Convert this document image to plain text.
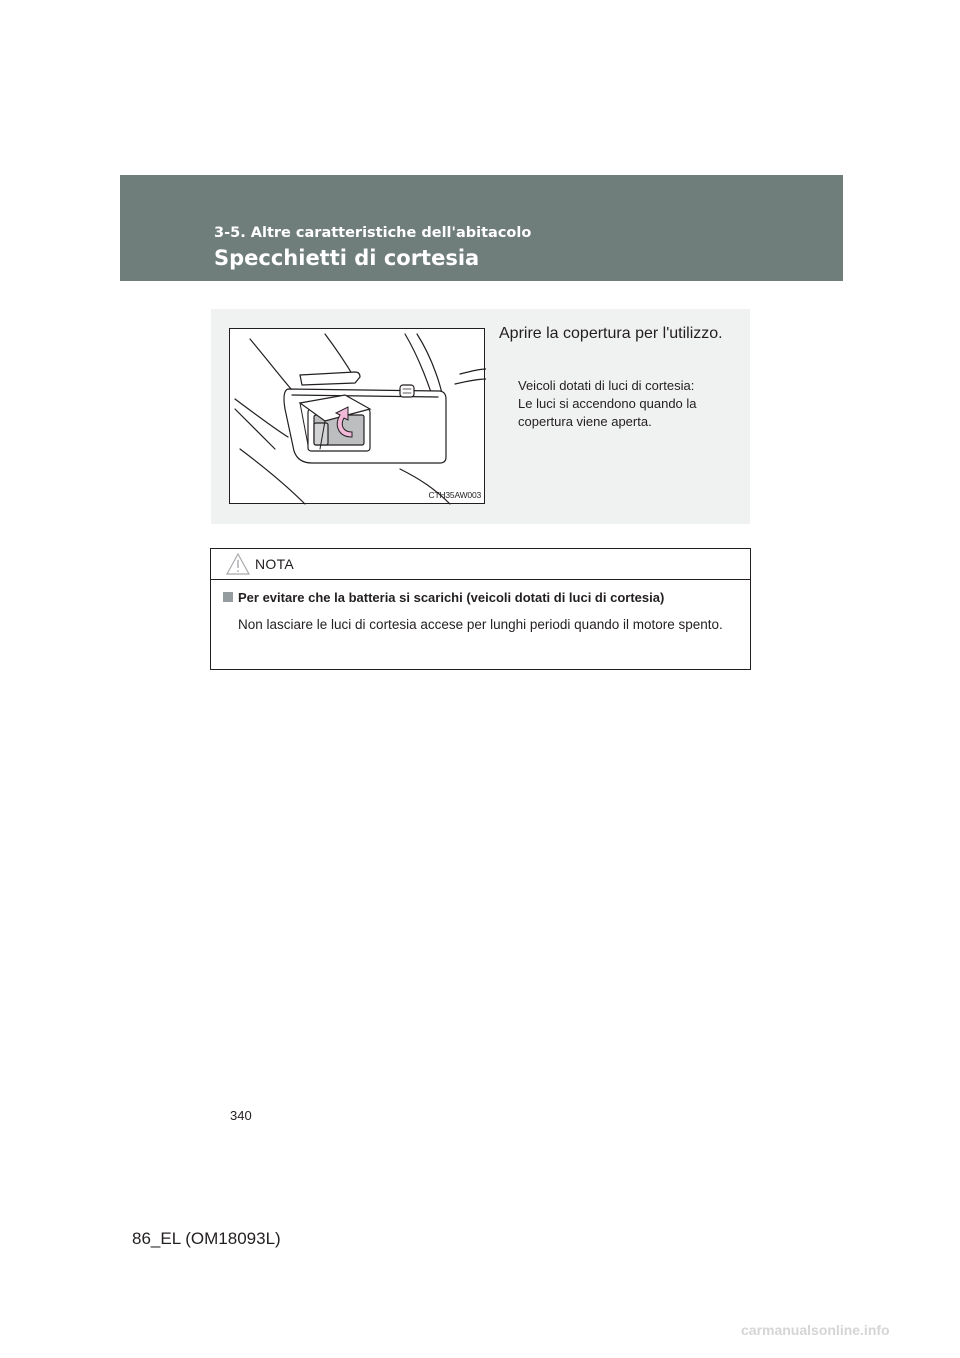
3-5. Altre caratteristiche dell'abitacolo
Specchietti di cortesia
CTH35AW003
Aprire la copertura per l'utilizzo.
Veicoli dotati di luci di cortesia:
Le luci si accendono quando la copertura viene aperta.
NOTA
Per evitare che la batteria si scarichi (veicoli dotati di luci di cortesia)
Non lasciare le luci di cortesia accese per lunghi periodi quando il motore spento.
340
86_EL (OM18093L)
carmanualsonline.info
